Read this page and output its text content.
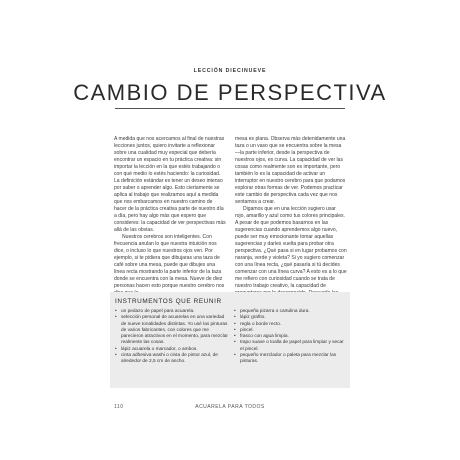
LECCIÓN DIECINUEVE
CAMBIO DE PERSPECTIVA

A medida que nos acercamos al final de nuestras lecciones juntos, quiero invitarte a reflexionar sobre una cualidad muy especial que debería encontrar un espacio en tu práctica creativa: sin importar la lección en la que estés trabajando o con qué medio lo estés haciendo: la curiosidad. La definición estándar es tener un deseo intenso por saber o aprender algo. Esto ciertamente se aplica al trabajo que realizamos aquí a medida que nos embarcamos en nuestro camino de hacer de la práctica creativa parte de nuestro día a día, pero hay algo más que espero que consideres: la capacidad de ver perspectivas más allá de las obvias.

Nuestros cerebros son inteligentes. Con frecuencia anulan lo que nuestra intuición nos dice, o incluso lo que nuestros ojos ven. Por ejemplo, si te pidiera que dibujaras una taza de café sobre una mesa, puede que dibujes una línea recta mostrando la parte inferior de la taza donde se encuentra con la mesa. Nueve de diez personas hacen esto porque nuestro cerebro nos

mesa es plana. Observa más detenidamente una taza o un vaso que se encuentra sobre la mesa —la parte inferior, desde la perspectiva de nuestros ojos, es curva. La capacidad de ver las cosas como realmente son es importante, pero también lo es la capacidad de activar un interruptor en nuestro cerebro para que podamos explorar otras formas de ver. Podemos practicar este cambio de perspectiva cada vez que nos sentamos a crear.

Digamos que en una lección sugiero usar rojo, amarillo y azul como tus colores principales. A pesar de que podemos basarnos en las sugerencias cuando aprendemos algo nuevo, puede ser muy emocionante tomar aquellas sugerencias y darles vuelta para probar otra perspectiva. ¿Qué pasa si en lugar probamos con naranja, verde y violeta? Si yo sugiero comenzar con una línea recta, ¿qué pasaría si tú decides comenzar con una línea curva? A esto es a lo que me refiero con curiosidad cuando se trata de nuestro trabajo creativo, la capacidad de

INSTRUMENTOS QUE REUNIR
• un pedazo de papel para acuarela.
• selección personal de acuarelas en una variedad de nueve tonalidades distintas. Yo usé las pinturas de varios fabricantes, con colores que me parecieron atractivos en el momento, para mezclar realmente las cosas.
• lápiz acuarela o marcador, o ambos.
• cinta adhesiva washi o cinta de pintor azul, de alrededor de 2,5 cm de ancho.
• pequeña pizarra o cartulina dura.
• lápiz grafito.
• regla o borde recto.
• pincel.
• frasco con agua limpia.
• trapo suave o toalla de papel para limpiar y secar el pincel.
• pequeño mezclador o paleta para mezclar las pinturas.
110	ACUARELA PARA TODOS
